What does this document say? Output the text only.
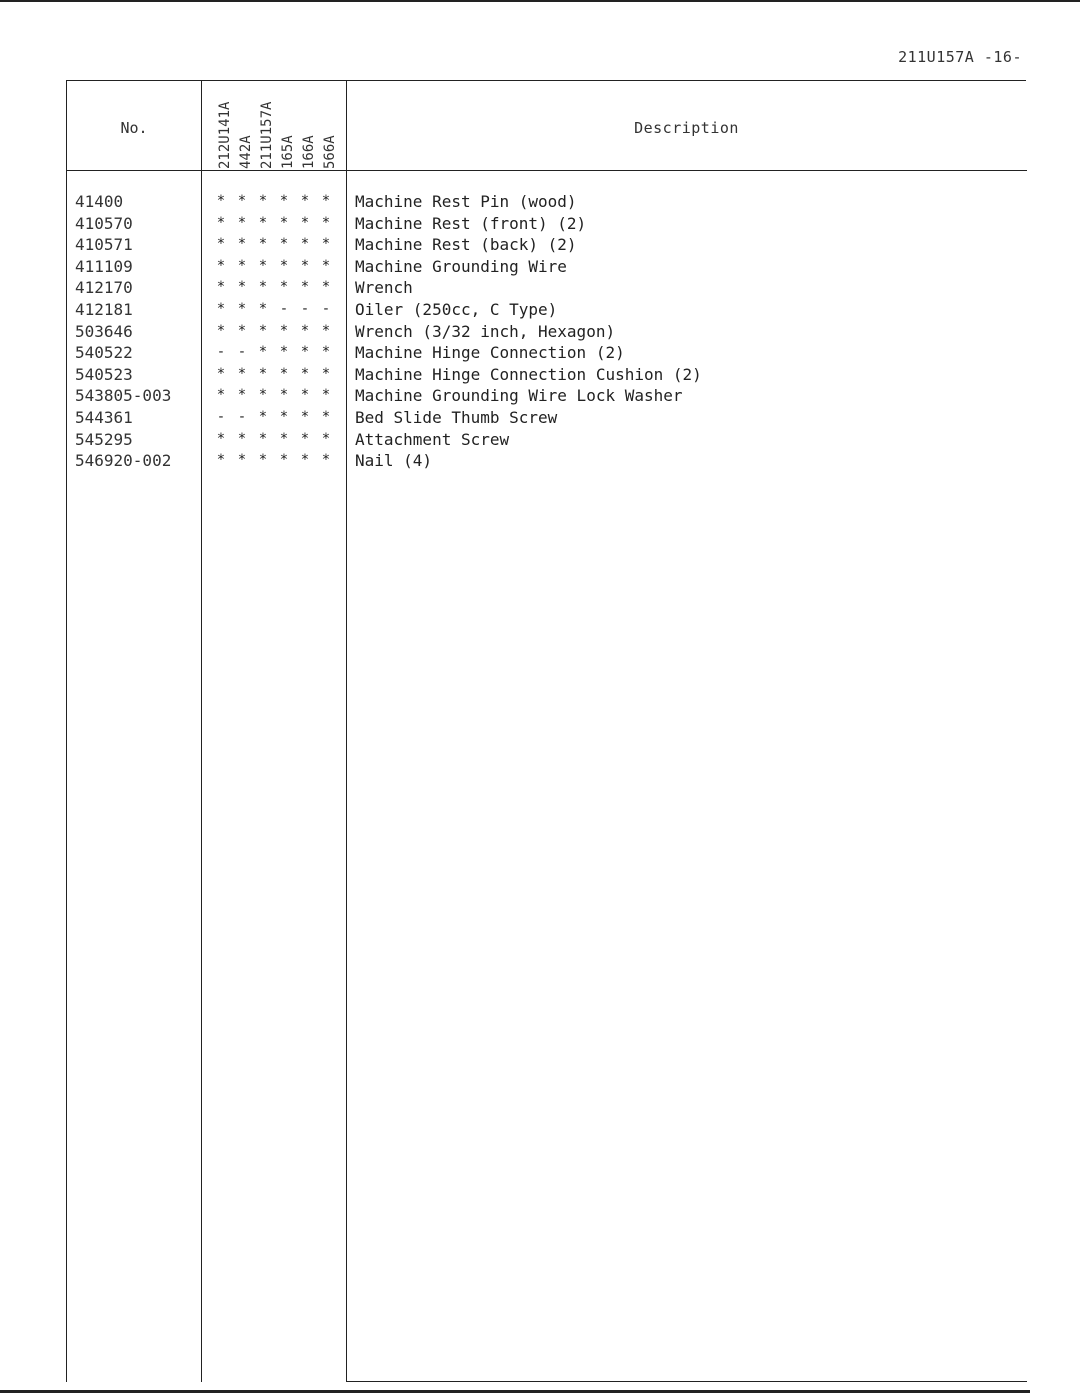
211U157A -16-
No.	Description
212U141A 442A 211U157A 165A 166A 566A
41400	* * * * * *	Machine Rest Pin (wood)
410570	* * * * * *	Machine Rest (front) (2)
410571	* * * * * *	Machine Rest (back) (2)
411109	* * * * * *	Machine Grounding Wire
412170	* * * * * *	Wrench
412181	* * * - - -	Oiler (250cc, C Type)
503646	* * * * * *	Wrench (3/32 inch, Hexagon)
540522	- - * * * *	Machine Hinge Connection (2)
540523	* * * * * *	Machine Hinge Connection Cushion (2)
543805-003	* * * * * *	Machine Grounding Wire Lock Washer
544361	- - * * * *	Bed Slide Thumb Screw
545295	* * * * * *	Attachment Screw
546920-002	* * * * * *	Nail (4)
